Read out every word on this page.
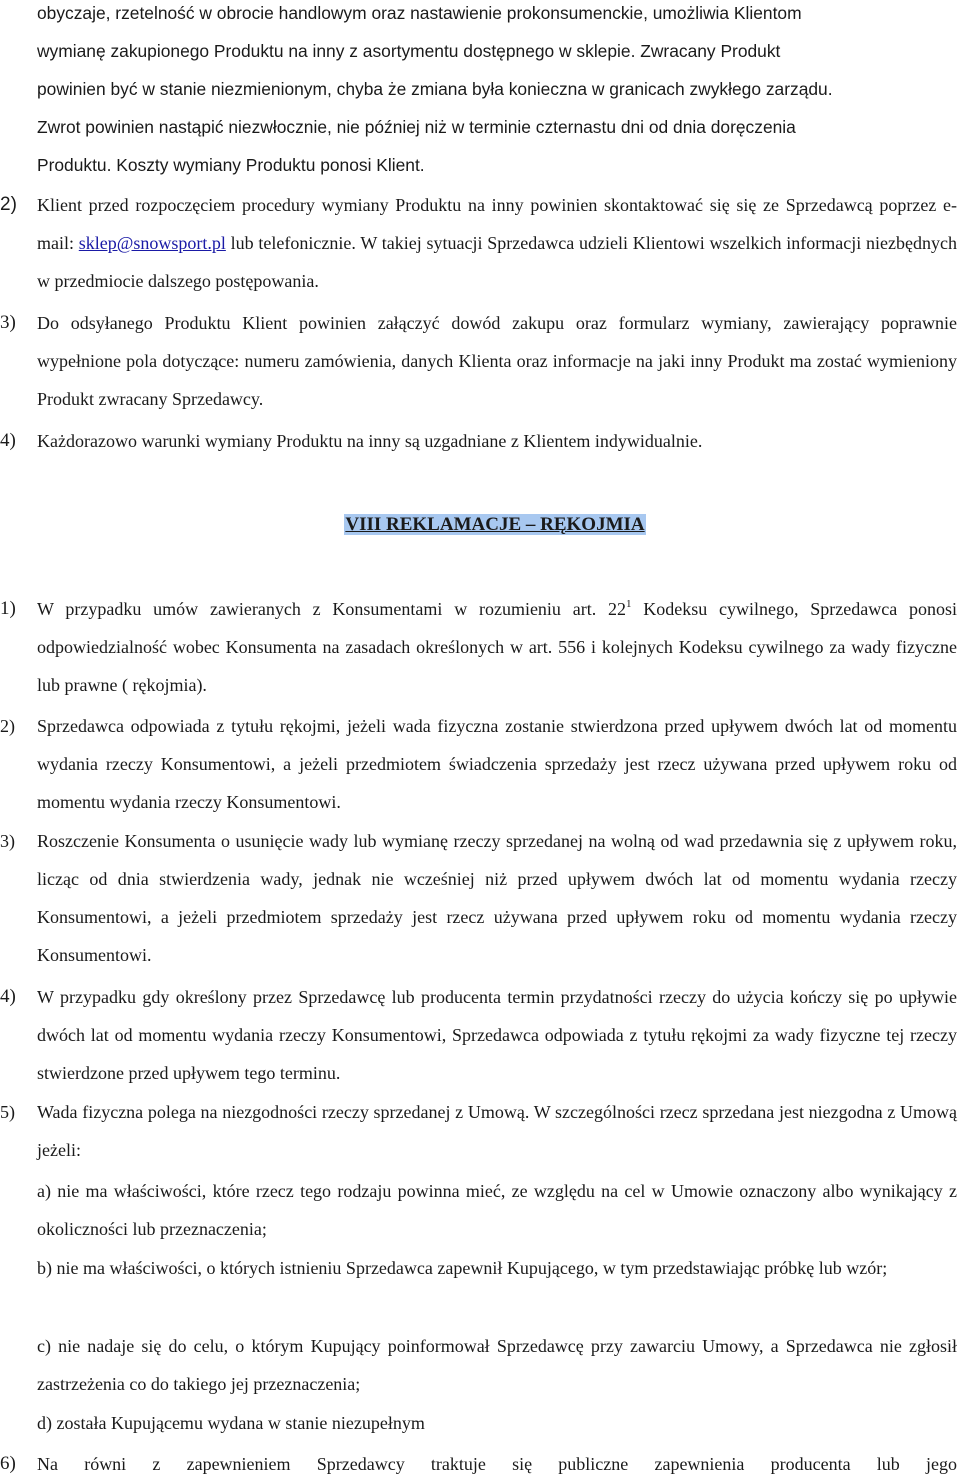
obyczaje, rzetelność w obrocie handlowym oraz nastawienie prokonsumenckie, umożliwia Klientom
wymianę zakupionego Produktu na inny z asortymentu dostępnego w sklepie. Zwracany Produkt
powinien być w stanie niezmienionym, chyba że zmiana była konieczna w granicach zwykłego zarządu.
Zwrot powinien nastąpić niezwłocznie, nie później niż w terminie czternastu dni od dnia doręczenia
Produktu. Koszty wymiany Produktu ponosi Klient.
2) Klient przed rozpoczęciem procedury wymiany Produktu na inny powinien skontaktować się się ze Sprzedawcą poprzez e-mail: sklep@snowsport.pl lub telefonicznie. W takiej sytuacji Sprzedawca udzieli Klientowi wszelkich informacji niezbędnych w przedmiocie dalszego postępowania.

3) Do odsyłanego Produktu Klient powinien załączyć dowód zakupu oraz formularz wymiany, zawierający poprawnie wypełnione pola dotyczące: numeru zamówienia, danych Klienta oraz informacje na jaki inny Produkt ma zostać wymieniony Produkt zwracany Sprzedawcy.

4) Każdorazowo warunki wymiany Produktu na inny są uzgadniane z Klientem indywidualnie.

VIII REKLAMACJE – RĘKOJMIA
1) W przypadku umów zawieranych z Konsumentami w rozumieniu art. $22^1$ Kodeksu cywilnego, Sprzedawca ponosi odpowiedzialność wobec Konsumenta na zasadach określonych w art. 556 i kolejnych Kodeksu cywilnego za wady fizyczne lub prawne ( rękojmia).

2) Sprzedawca odpowiada z tytułu rękojmi, jeżeli wada fizyczna zostanie stwierdzona przed upływem dwóch lat od momentu wydania rzeczy Konsumentowi, a jeżeli przedmiotem świadczenia sprzedaży jest rzecz używana przed upływem roku od momentu wydania rzeczy Konsumentowi.

3) Roszczenie Konsumenta o usunięcie wady lub wymianę rzeczy sprzedanej na wolną od wad przedawnia się z upływem roku, licząc od dnia stwierdzenia wady, jednak nie wcześniej niż przed upływem dwóch lat od momentu wydania rzeczy Konsumentowi, a jeżeli przedmiotem sprzedaży jest rzecz używana przed upływem roku od momentu wydania rzeczy Konsumentowi.

4) W przypadku gdy określony przez Sprzedawcę lub producenta termin przydatności rzeczy do użycia kończy się po upływie dwóch lat od momentu wydania rzeczy Konsumentowi, Sprzedawca odpowiada z tytułu rękojmi za wady fizyczne tej rzeczy stwierdzone przed upływem tego terminu.

5) Wada fizyczna polega na niezgodności rzeczy sprzedanej z Umową. W szczególności rzecz sprzedana jest niezgodna z Umową jeżeli:

a) nie ma właściwości, które rzecz tego rodzaju powinna mieć, ze względu na cel w Umowie oznaczony albo wynikający z okoliczności lub przeznaczenia;

b) nie ma właściwości, o których istnieniu Sprzedawca zapewnił Kupującego, w tym przedstawiając próbkę lub wzór;

c) nie nadaje się do celu, o którym Kupujący poinformował Sprzedawcę przy zawarciu Umowy, a Sprzedawca nie zgłosił zastrzeżenia co do takiego jej przeznaczenia;

d) została Kupującemu wydana w stanie niezupełnym

6) Na równi z zapewnieniem Sprzedawcy traktuje się publiczne zapewnienia producenta lub jego
